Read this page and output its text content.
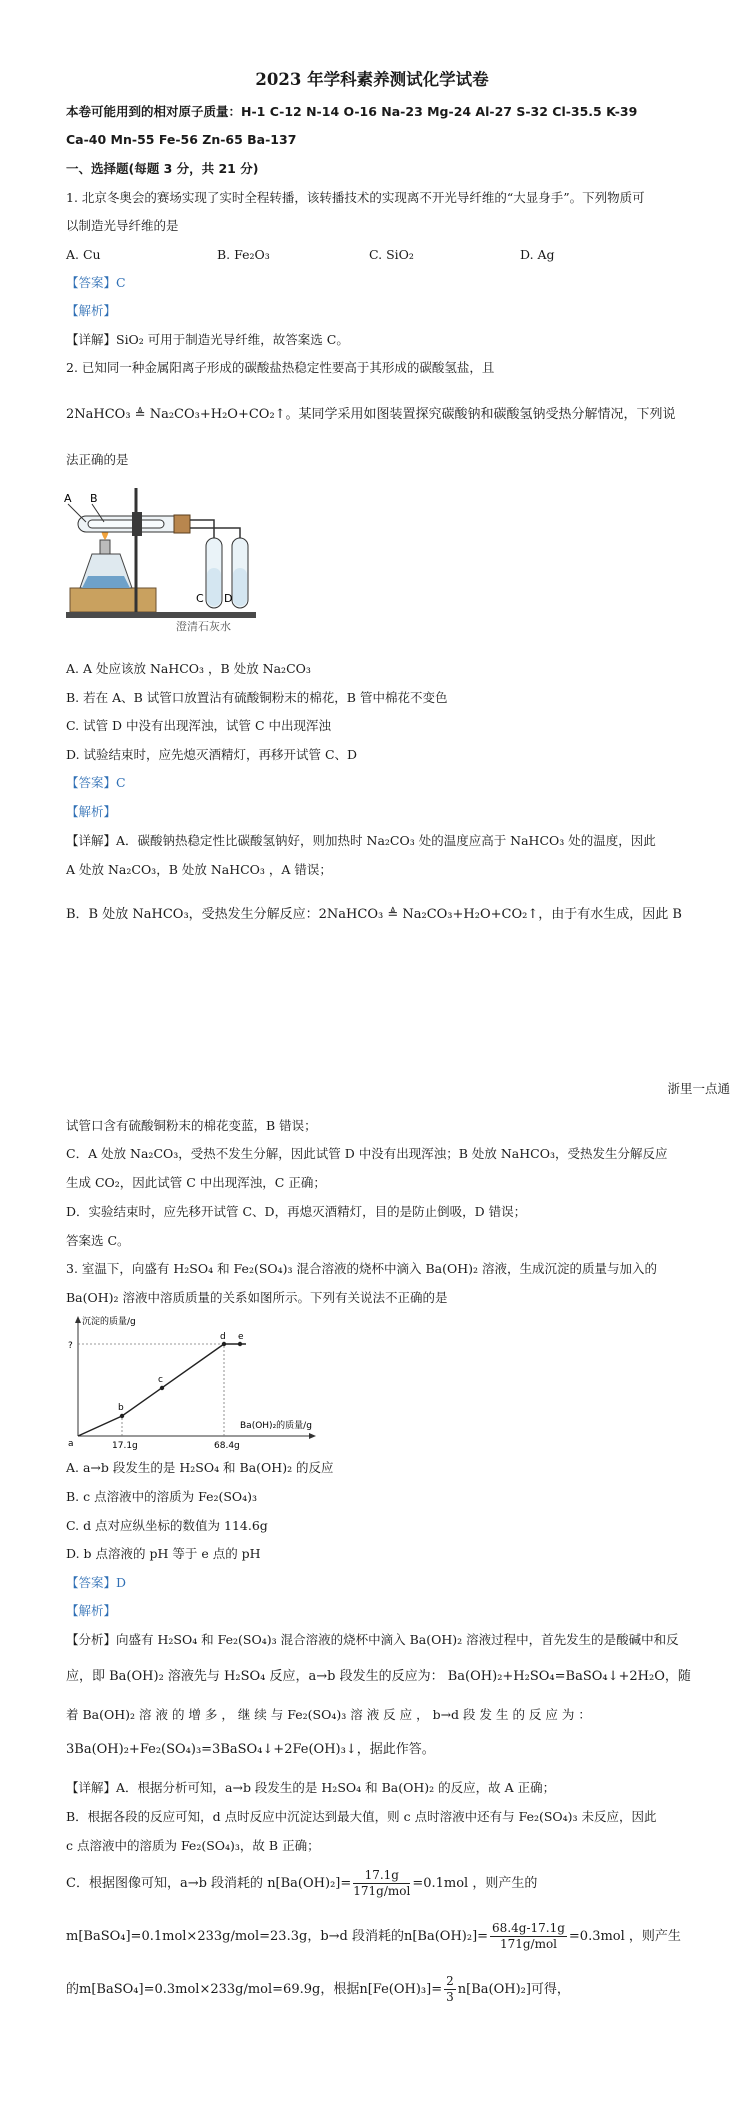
2023 年学科素养测试化学试卷
本卷可能用到的相对原子质量：H-1 C-12 N-14 O-16 Na-23 Mg-24 Al-27 S-32 Cl-35.5 K-39
Ca-40 Mn-55 Fe-56 Zn-65 Ba-137
一、选择题(每题 3 分，共 21 分)
1. 北京冬奥会的赛场实现了实时全程转播，该转播技术的实现离不开光导纤维的“大显身手”。下列物质可
以制造光导纤维的是
A. Cu	B. Fe₂O₃	C. SiO₂	D. Ag
【答案】C
【解析】
【详解】SiO₂ 可用于制造光导纤维，故答案选 C。
2. 已知同一种金属阳离子形成的碳酸盐热稳定性要高于其形成的碳酸氢盐，且
2NaHCO₃ ≜ Na₂CO₃+H₂O+CO₂↑。某同学采用如图装置探究碳酸钠和碳酸氢钠受热分解情况，下列说
法正确的是
A B
C D
澄清石灰水
A. A 处应该放 NaHCO₃ ，B 处放 Na₂CO₃
B. 若在 A、B 试管口放置沾有硫酸铜粉末的棉花，B 管中棉花不变色
C. 试管 D 中没有出现浑浊，试管 C 中出现浑浊
D. 试验结束时，应先熄灭酒精灯，再移开试管 C、D
【答案】C
【解析】
【详解】A．碳酸钠热稳定性比碳酸氢钠好，则加热时 Na₂CO₃ 处的温度应高于 NaHCO₃ 处的温度，因此
A 处放 Na₂CO₃，B 处放 NaHCO₃ ，A 错误；
B．B 处放 NaHCO₃，受热发生分解反应：2NaHCO₃ ≜ Na₂CO₃+H₂O+CO₂↑，由于有水生成，因此 B
浙里一点通
试管口含有硫酸铜粉末的棉花变蓝，B 错误；
C．A 处放 Na₂CO₃，受热不发生分解，因此试管 D 中没有出现浑浊；B 处放 NaHCO₃，受热发生分解反应
生成 CO₂，因此试管 C 中出现浑浊，C 正确；
D．实验结束时，应先移开试管 C、D，再熄灭酒精灯，目的是防止倒吸，D 错误；
答案选 C。
3. 室温下，向盛有 H₂SO₄ 和 Fe₂(SO₄)₃ 混合溶液的烧杯中滴入 Ba(OH)₂ 溶液，生成沉淀的质量与加入的
Ba(OH)₂ 溶液中溶质质量的关系如图所示。下列有关说法不正确的是
沉淀的质量/g
?
Ba(OH)₂的质量/g
17.1g	68.4g
a
b
c
d e
A. a→b 段发生的是 H₂SO₄ 和 Ba(OH)₂ 的反应
B. c 点溶液中的溶质为 Fe₂(SO₄)₃
C. d 点对应纵坐标的数值为 114.6g
D. b 点溶液的 pH 等于 e 点的 pH
【答案】D
【解析】
【分析】向盛有 H₂SO₄ 和 Fe₂(SO₄)₃ 混合溶液的烧杯中滴入 Ba(OH)₂ 溶液过程中，首先发生的是酸碱中和反
应，即 Ba(OH)₂ 溶液先与 H₂SO₄ 反应，a→b 段发生的反应为： Ba(OH)₂+H₂SO₄=BaSO₄↓+2H₂O，随
着 Ba(OH)₂ 溶 液 的 增 多 ， 继 续 与 Fe₂(SO₄)₃ 溶 液 反 应 ， b→d 段 发 生 的 反 应 为 ：
3Ba(OH)₂+Fe₂(SO₄)₃=3BaSO₄↓+2Fe(OH)₃↓，据此作答。
【详解】A．根据分析可知，a→b 段发生的是 H₂SO₄ 和 Ba(OH)₂ 的反应，故 A 正确；
B．根据各段的反应可知，d 点时反应中沉淀达到最大值，则 c 点时溶液中还有与 Fe₂(SO₄)₃ 未反应，因此
c 点溶液中的溶质为 Fe₂(SO₄)₃，故 B 正确；
C．根据图像可知，a→b 段消耗的 $n[Ba(OH)_2]= \frac{17.1g}{\text{171g/mol}} =0.1mol$ ，则产生的
m[BaSO₄]=0.1mol×233g/mol=23.3g，b→d 段消耗的$n[Ba(OH)_2]= \frac{68.4g-17.1g}{\text{171g/mol}} =0.3mol$ ，则产生
的m[BaSO₄]=0.3mol×233g/mol=69.9g，根据$n[Fe(OH)_3]= \frac{2}{3} n[Ba(OH)_2]$可得，
